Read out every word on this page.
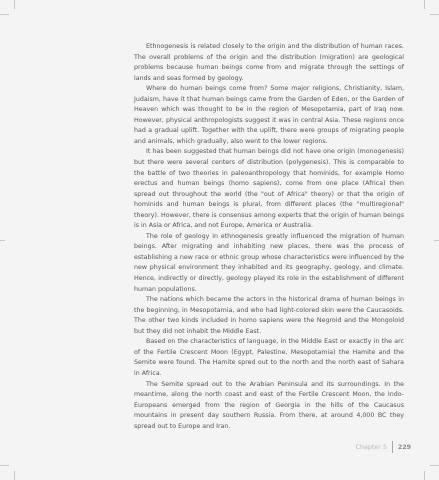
Ethnogenesis is related closely to the origin and the distribution of human races. The overall problems of the origin and the distribution (migration) are geological problems because human beings come from and migrate through the settings of lands and seas formed by geology.

Where do human beings come from? Some major religions, Christianity, Islam, Judaism, have it that human beings came from the Garden of Eden, or the Garden of Heaven which was thought to be in the region of Mesopotamia, part of Iraq now. However, physical anthropologists suggest it was in central Asia. These regions once had a gradual uplift. Together with the uplift, there were groups of migrating people and animals, which gradually, also went to the lower regions.

It has been suggested that human beings did not have one origin (monogenesis) but there were several centers of distribution (polygenesis). This is comparable to the battle of two theories in paleoanthropology that hominids, for example Homo erectus and human beings (homo sapiens), come from one place (Africa) then spread out throughout the world (the "out of Africa" theory) or that the origin of hominids and human beings is plural, from different places (the "multiregional" theory). However, there is consensus among experts that the origin of human beings is in Asia or Africa, and not Europe, America or Australia.

The role of geology in ethnogenesis greatly influenced the migration of human beings. After migrating and inhabiting new places, there was the process of establishing a new race or ethnic group whose characteristics were influenced by the new physical environment they inhabited and its geography, geology, and climate. Hence, indirectly or directly, geology played its role in the establishment of different human populations.

The nations which became the actors in the historical drama of human beings in the beginning, in Mesopotamia, and who had light-colored skin were the Caucasoids. The other two kinds included in homo sapiens were the Negroid and the Mongoloid but they did not inhabit the Middle East.

Based on the characteristics of language, in the Middle East or exactly in the arc of the Fertile Crescent Moon (Egypt, Palestine, Mesopotamia) the Hamite and the Semite were found. The Hamite spred out to the north and the north east of Sahara in Africa.

The Semite spread out to the Arabian Peninsula and its surroundings. In the meantime, along the north coast and east of the Fertile Crescent Moon, the Indo-Europeans emerged from the region of Georgia in the hills of the Caucasus mountains in present day southern Russia. From there, at around 4,000 BC they spread out to Europe and Iran.

Chapter 5 229
